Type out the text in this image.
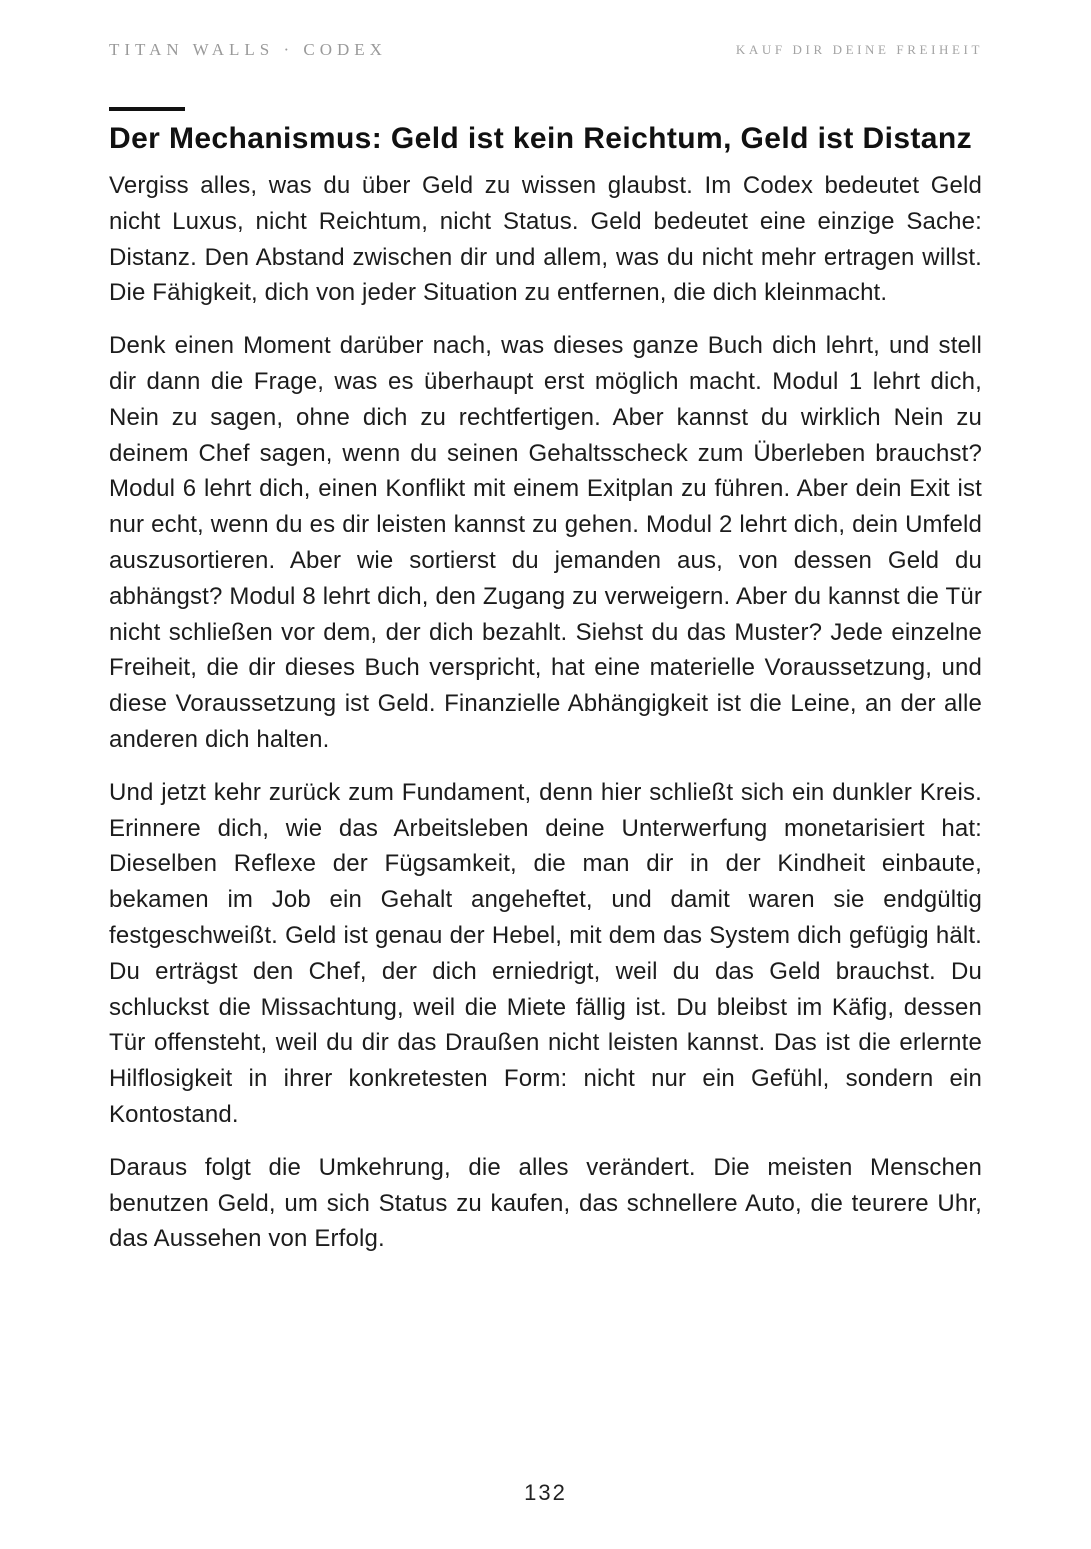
TITAN WALLS · CODEX	KAUF DIR DEINE FREIHEIT
Der Mechanismus: Geld ist kein Reichtum, Geld ist Distanz

Vergiss alles, was du über Geld zu wissen glaubst. Im Codex bedeutet Geld nicht Luxus, nicht Reichtum, nicht Status. Geld bedeutet eine einzige Sache: Distanz. Den Abstand zwischen dir und allem, was du nicht mehr ertragen willst. Die Fähigkeit, dich von jeder Situation zu entfernen, die dich kleinmacht.

Denk einen Moment darüber nach, was dieses ganze Buch dich lehrt, und stell dir dann die Frage, was es überhaupt erst möglich macht. Modul 1 lehrt dich, Nein zu sagen, ohne dich zu rechtfertigen. Aber kannst du wirklich Nein zu deinem Chef sagen, wenn du seinen Gehaltsscheck zum Überleben brauchst? Modul 6 lehrt dich, einen Konflikt mit einem Exitplan zu führen. Aber dein Exit ist nur echt, wenn du es dir leisten kannst zu gehen. Modul 2 lehrt dich, dein Umfeld auszusortieren. Aber wie sortierst du jemanden aus, von dessen Geld du abhängst? Modul 8 lehrt dich, den Zugang zu verweigern. Aber du kannst die Tür nicht schließen vor dem, der dich bezahlt. Siehst du das Muster? Jede einzelne Freiheit, die dir dieses Buch verspricht, hat eine materielle Voraussetzung, und diese Voraussetzung ist Geld. Finanzielle Abhängigkeit ist die Leine, an der alle anderen dich halten.

Und jetzt kehr zurück zum Fundament, denn hier schließt sich ein dunkler Kreis. Erinnere dich, wie das Arbeitsleben deine Unterwerfung monetarisiert hat: Dieselben Reflexe der Fügsamkeit, die man dir in der Kindheit einbaute, bekamen im Job ein Gehalt angeheftet, und damit waren sie endgültig festgeschweißt. Geld ist genau der Hebel, mit dem das System dich gefügig hält. Du erträgst den Chef, der dich erniedrigt, weil du das Geld brauchst. Du schluckst die Missachtung, weil die Miete fällig ist. Du bleibst im Käfig, dessen Tür offensteht, weil du dir das Draußen nicht leisten kannst. Das ist die erlernte Hilflosigkeit in ihrer konkretesten Form: nicht nur ein Gefühl, sondern ein Kontostand.

Daraus folgt die Umkehrung, die alles verändert. Die meisten Menschen benutzen Geld, um sich Status zu kaufen, das schnellere Auto, die teurere Uhr, das Aussehen von Erfolg.

132
